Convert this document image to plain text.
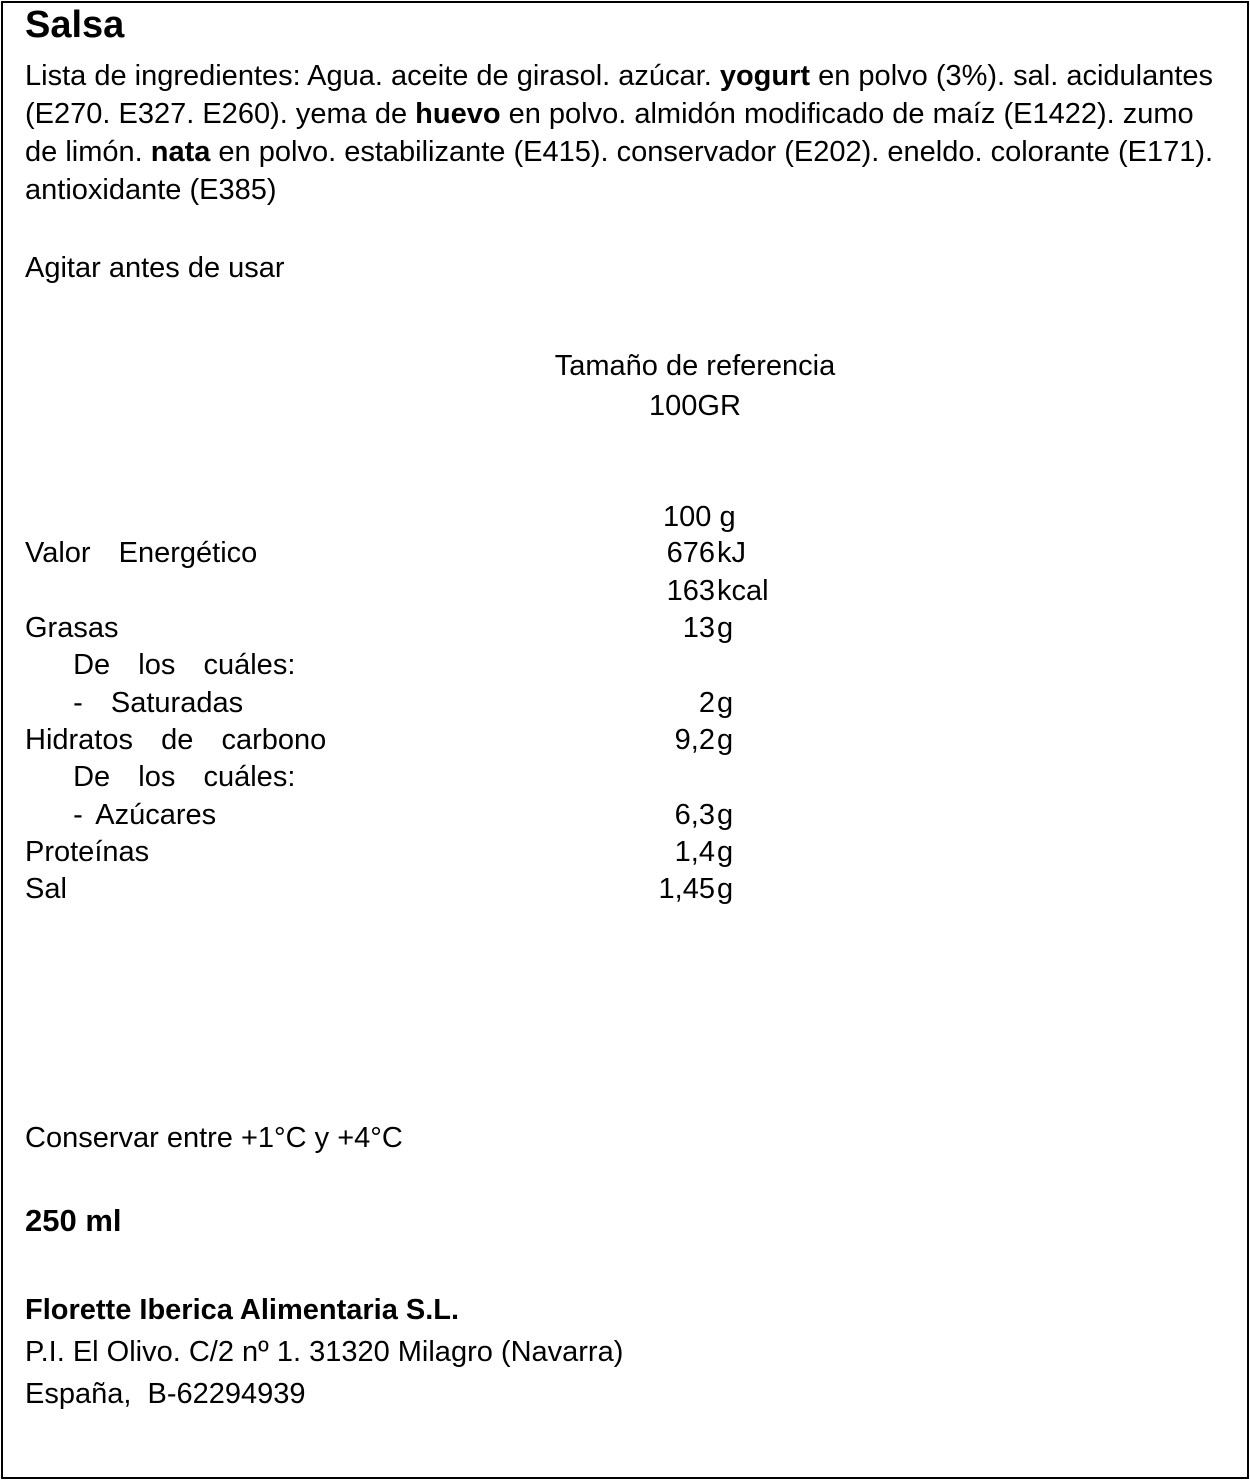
Salsa
Lista de ingredientes: Agua. aceite de girasol. azúcar. yogurt en polvo (3%). sal. acidulantes (E270. E327. E260). yema de huevo en polvo. almidón modificado de maíz (E1422). zumo de limón. nata en polvo. estabilizante (E415). conservador (E202). eneldo. colorante (E171). antioxidante (E385)
Agitar antes de usar
Tamaño de referencia
100GR
100 g
Valor  Energético	676 kJ
163 kcal
Grasas	13 g
De  los  cuáles:
-  Saturadas	2 g
Hidratos  de  carbono	9,2 g
De  los  cuáles:
- Azúcares	6,3 g
Proteínas	1,4 g
Sal	1,45 g
Conservar entre +1°C y +4°C
250 ml
Florette Iberica Alimentaria S.L.
P.I. El Olivo. C/2 nº 1. 31320 Milagro (Navarra)
España,  B-62294939
